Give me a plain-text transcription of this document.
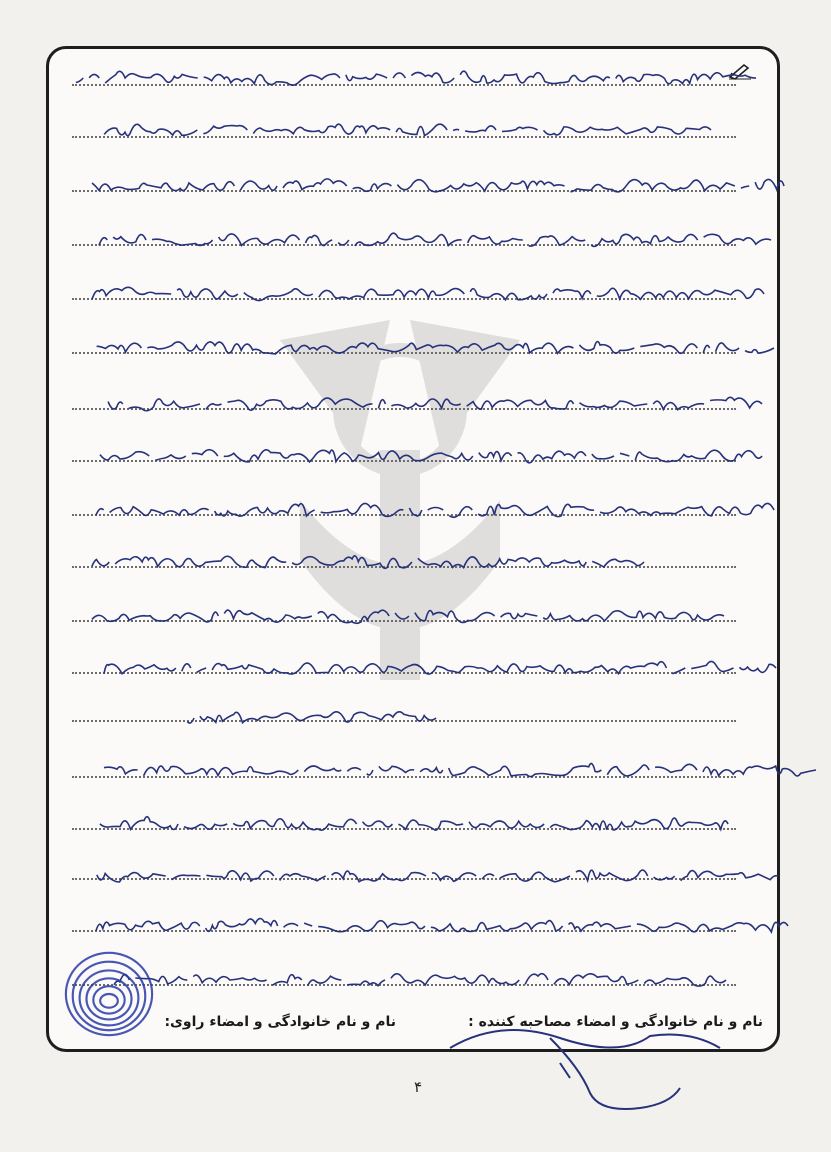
نام و نام خانوادگی و امضاء مصاحبه کننده :
نام و نام خانوادگی و امضاء راوی:
۴
